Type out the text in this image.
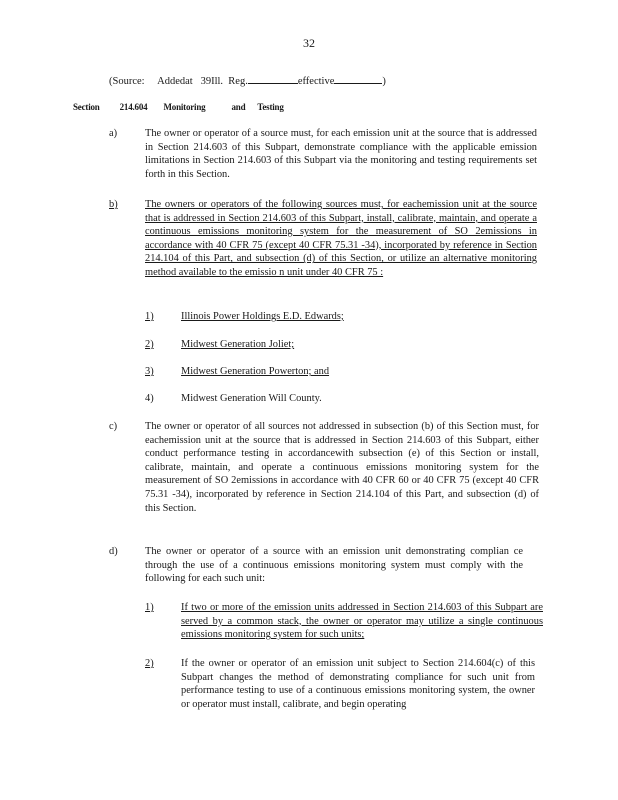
32
(Source: Addedat 39Ill. Reg.	effective	)
Section 214.604 Monitoring	and Testing
a)	The owner or operator of a source must, for each emission unit at the source that is addressed in Section 214.603 of this Subpart, demonstrate compliance with the applicable emission limitations in Section 214.603 of this Subpart via the monitoring and testing requirements set forth in this Section.
b)	The owners or operators of the following sources must, for eachemission unit at the source that is addressed in Section 214.603 of this Subpart, install, calibrate, maintain, and operate a continuous emissions monitoring system for the measurement of SO 2emissions in accordance with 40 CFR 75 (except 40 CFR 75.31 -34), incorporated by reference in Section 214.104 of this Part, and subsection (d) of this Section, or utilize an alternative monitoring method available to the emissio n unit under 40 CFR 75 :
1)	Illinois Power Holdings E.D. Edwards;
2)	Midwest Generation Joliet;
3)	Midwest Generation Powerton; and
4)	Midwest Generation Will County.
c)	The owner or operator of all sources not addressed in subsection (b) of this Section must, for eachemission unit at the source that is addressed in Section 214.603 of this Subpart, either conduct performance testing in accordancewith subsection (e) of this Section or install, calibrate, maintain, and operate a continuous emissions monitoring system for the measurement of SO 2emissions in accordance with 40 CFR 60 or 40 CFR 75 (except 40 CFR 75.31 -34), incorporated by reference in Section 214.104 of this Part, and subsection (d) of this Section.
d)	The owner or operator of a source with an emission unit demonstrating complian ce through the use of a continuous emissions monitoring system must comply with the following for each such unit:
1)	If two or more of the emission units addressed in Section 214.603 of this Subpart are served by a common stack, the owner or operator may utilize a single continuous emissions monitoring system for such units;
2)	If the owner or operator of an emission unit subject to Section 214.604(c) of this Subpart changes the method of demonstrating compliance for such unit from performance testing to use of a continuous emissions monitoring system, the owner or operator must install, calibrate, and begin operating
